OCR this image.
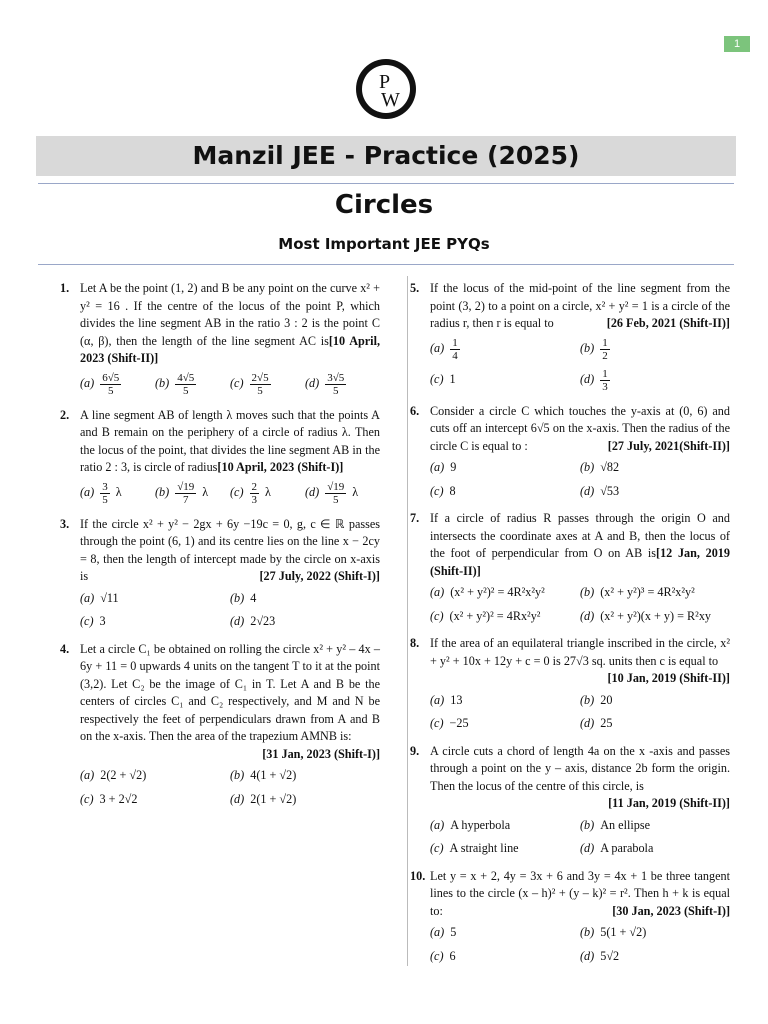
1
P
W
Manzil JEE - Practice (2025)
Circles
Most Important JEE PYQs
1. Let A be the point (1, 2) and B be any point on the curve x² + y² = 16 . If the centre of the locus of the point P, which divides the line segment AB in the ratio 3 : 2 is the point C (α, β), then the length of the line segment AC is[10 April, 2023 (Shift-II)]
$(a) \frac{6√5}{5}$	$(b) \frac{4√5}{5}$	$(c) \frac{2√5}{5}$	$(d) \frac{3√5}{5}$
2. A line segment AB of length λ moves such that the points A and B remain on the periphery of a circle of radius λ. Then the locus of the point, that divides the line segment AB in the ratio 2 : 3, is circle of radius[10 April, 2023 (Shift-I)]
$(a) \frac{3}{5}$ λ	$(b) \frac{√19}{7}$ λ $(c) \frac{2}{3}$ λ	$(d) \frac{√19}{5}$ λ
3. If the circle x² + y² − 2gx + 6y −19c = 0, g, c ∈ ℝ passes through the point (6, 1) and its centre lies on the line x − 2cy = 8, then the length of intercept made by the circle on x-axis is	[27 July, 2022 (Shift-I)]
(a) √11	(b) 4
(c) 3	(d) 2√23
4. Let a circle C₁ be obtained on rolling the circle x² + y² – 4x – 6y + 11 = 0 upwards 4 units on the tangent T to it at the point (3,2). Let C₂ be the image of C₁ in T. Let A and B be the centers of circles C₁ and C₂ respectively, and M and N be respectively the feet of perpendiculars drawn from A and B on the x-axis. Then the area of the trapezium AMNB is:
[31 Jan, 2023 (Shift-I)]
(a) 2(2 + √2)	(b) 4(1 + √2)
(c) 3 + 2√2	(d) 2(1 + √2)
5. If the locus of the mid-point of the line segment from the point (3, 2) to a point on a circle, x² + y² = 1 is a circle of the radius r, then r is equal to	[26 Feb, 2021 (Shift-II)]
$(a) \frac{1}{4}$	$(b) \frac{1}{2}$
(c) 1	$(d) \frac{1}{3}$
6. Consider a circle C which touches the y-axis at (0, 6) and cuts off an intercept 6√5 on the x-axis. Then the radius of the circle C is equal to :	[27 July, 2021(Shift-II)]
(a) 9	(b) √82
(c) 8	(d) √53
7. If a circle of radius R passes through the origin O and intersects the coordinate axes at A and B, then the locus of the foot of perpendicular from O on AB is[12 Jan, 2019 (Shift-II)]
(a) (x² + y²)² = 4R²x²y²	(b) (x² + y²)³ = 4R²x²y²
(c) (x² + y²)² = 4Rx²y²	(d) (x² + y²)(x + y) = R²xy
8. If the area of an equilateral triangle inscribed in the circle, x² + y² + 10x + 12y + c = 0 is 27√3 sq. units then c is equal to
[10 Jan, 2019 (Shift-II)]
(a) 13	(b) 20
(c) −25	(d) 25
9. A circle cuts a chord of length 4a on the x -axis and passes through a point on the y – axis, distance 2b form the origin. Then the locus of the centre of this circle, is
[11 Jan, 2019 (Shift-II)]
(a) A hyperbola	(b) An ellipse
(c) A straight line	(d) A parabola
10. Let y = x + 2, 4y = 3x + 6 and 3y = 4x + 1 be three tangent lines to the circle (x – h)² + (y – k)² = r². Then h + k is equal to:	[30 Jan, 2023 (Shift-I)]
(a) 5	(b) 5(1 + √2)
(c) 6	(d) 5√2
